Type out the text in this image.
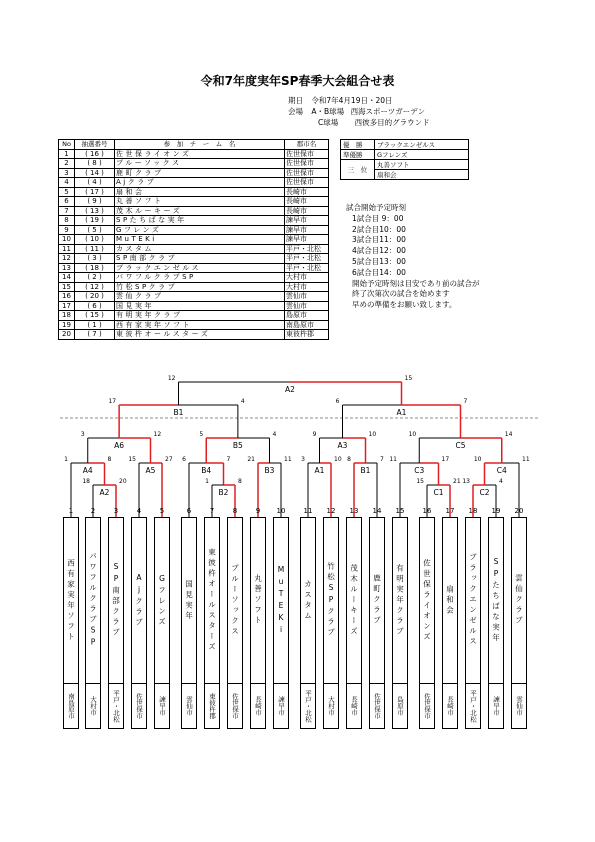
令和7年度実年SP春季大会組合せ表
期日 令和7年4月19日・20日
会場 A・B球場 西海スポーツガーデン
C球場 西彼多目的グラウンド
No	抽選番号	参　加　チ　ー　ム　名	郡市名
1	( 16 )	佐世保ライオンズ	佐世保市
2	( 8 )	ブルーソックス	佐世保市
3	( 14 )	鹿町クラブ	佐世保市
4	( 4 )	Ajクラブ	佐世保市
5	( 17 )	扇和会	長崎市
6	( 9 )	丸善ソフト	長崎市
7	( 13 )	茂木ルーキーズ	長崎市
8	( 19 )	SPたちばな実年	諫早市
9	( 5 )	Gフレンズ	諫早市
10	( 10 )	MuTEKi	諫早市
11	( 11 )	カスタム	平戸・北松
12	( 3 )	SP南部クラブ	平戸・北松
13	( 18 )	ブラックエンゼルス	平戸・北松
14	( 2 )	パワフルクラブSP	大村市
15	( 12 )	竹松SPクラブ	大村市
16	( 20 )	雲仙クラブ	雲仙市
17	( 6 )	国見実年	雲仙市
18	( 15 )	有明実年クラブ	島原市
19	( 1 )	西有家実年ソフト	南島原市
20	( 7 )	東彼杵オールスターズ	東彼杵郡
優　勝	ブラックエンゼルス
準優勝	Gフレンズ
三　位	丸善ソフト
	扇和会
試合開始予定時刻
1試合目 9：00
2試合目10：00
3試合目11：00
4試合目12：00
5試合目13：00
6試合目14：00
開始予定時刻は目安であり前の試合が
終了次第次の試合を始めます
早めの準備をお願い致します。
A2
18	20
A4
1	8
A5
15	27
A6
3	12
B4
6	7
B2
1	8
B3
21	11
B5
5	4
B1
17	4
A1
3	10
B1
8	7
A3
9	10
C1
15	21
C3
11	17
C2
13	4
C4
10	11
C5
10	14
A1
6	7
A2
12	15
1
西有家実年ソフト
南島原市
2
パワフルクラブSP
大村市
3
SP南部クラブ
平戸・北松
4
Ajクラブ
佐世保市
5
Gフレンズ
諫早市
6
国見実年
雲仙市
7
東彼杵オールスターズ
東彼杵郡
8
ブルーソックス
佐世保市
9
丸善ソフト
長崎市
10
MuTEKi
諫早市
11
カスタム
平戸・北松
12
竹松SPクラブ
大村市
13
茂木ルーキーズ
長崎市
14
鹿町クラブ
佐世保市
15
有明実年クラブ
島原市
16
佐世保ライオンズ
佐世保市
17
扇和会
長崎市
18
ブラックエンゼルス
平戸・北松
19
SPたちばな実年
諫早市
20
雲仙クラブ
雲仙市
